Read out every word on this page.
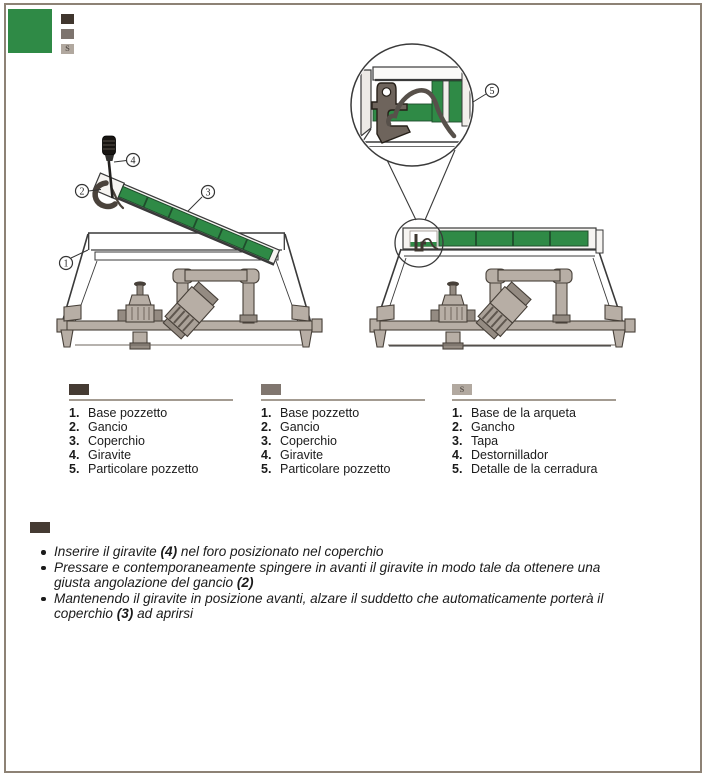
S
1
2	3
4
5
1. Base pozzetto
2. Gancio
3. Coperchio
4. Giravite
5. Particolare pozzetto
1. Base pozzetto
2. Gancio
3. Coperchio
4. Giravite
5. Particolare pozzetto
S
1. Base de la arqueta
2. Gancho
3. Tapa
4. Destornillador
5. Detalle de la cerradura
Inserire il giravite (4) nel foro posizionato nel coperchio
Pressare e contemporaneamente spingere in avanti il giravite in modo tale da ottenere una giusta angolazione del gancio (2)
Mantenendo il giravite in posizione avanti, alzare il suddetto che automaticamente porterà il coperchio (3) ad aprirsi
